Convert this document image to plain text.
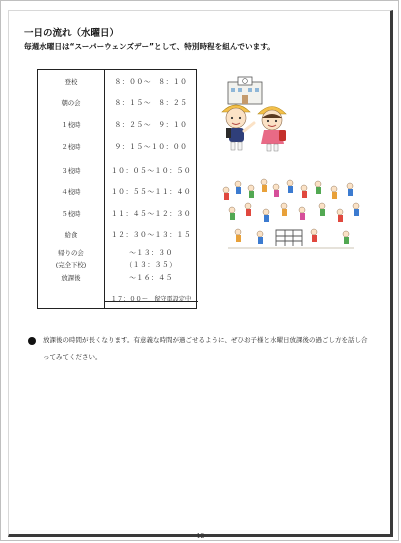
一日の流れ（水曜日）
毎週水曜日は“スーパーウェンズデー”として、特別時程を組んでいます。
登校	８：００～　８：１０
朝の会	８：１５～　８：２５
１校時	８：２５～　９：１０
２校時	９：１５～１０：００
３校時	１０：０５～１０：５０
４校時	１０：５５～１１：４０
５校時	１１：４５～１２：３０
給食	１２：３０～１３：１５
帰りの会	～１３：３０
(完全下校)	（１３：３５）
放課後	～１６：４５
１７：００～　留守電設定中
放課後の時間が長くなります。有意義な時間が過ごせるように、ぜひお子様と水曜日放課後の過ごし方を話し合ってみてください。
12
